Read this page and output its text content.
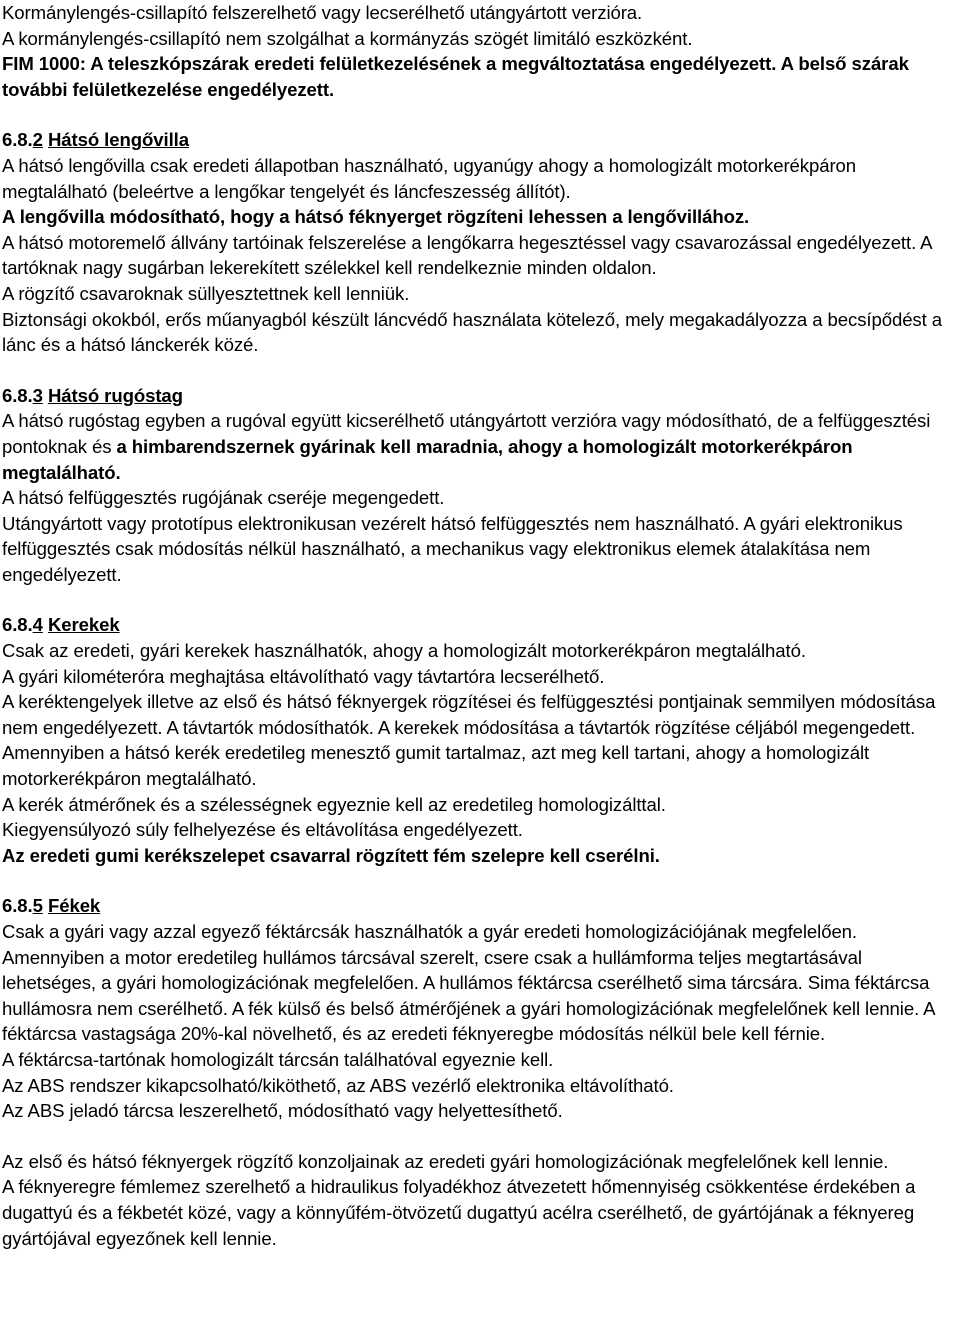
Kormánylengés-csillapító felszerelhető vagy lecserélhető utángyártott verzióra.

A kormánylengés-csillapító nem szolgálhat a kormányzás szögét limitáló eszközként.

FIM 1000: A teleszkópszárak eredeti felületkezelésének a megváltoztatása engedélyezett. A belső szárak további felületkezelése engedélyezett.

6.8.2 Hátsó lengővilla

A hátsó lengővilla csak eredeti állapotban használható, ugyanúgy ahogy a homologizált motorkerékpáron megtalálható (beleértve a lengőkar tengelyét és láncfeszesség állítót).

A lengővilla módosítható, hogy a hátsó féknyerget rögzíteni lehessen a lengővillához.

A hátsó motoremelő állvány tartóinak felszerelése a lengőkarra hegesztéssel vagy csavarozással engedélyezett. A tartóknak nagy sugárban lekerekített szélekkel kell rendelkeznie minden oldalon.

A rögzítő csavaroknak süllyesztettnek kell lenniük.

Biztonsági okokból, erős műanyagból készült láncvédő használata kötelező, mely megakadályozza a becsípődést a lánc és a hátsó lánckerék közé.

6.8.3 Hátsó rugóstag

A hátsó rugóstag egyben a rugóval együtt kicserélhető utángyártott verzióra vagy módosítható, de a felfüggesztési pontoknak és a himbarendszernek gyárinak kell maradnia, ahogy a homologizált motorkerékpáron megtalálható.

A hátsó felfüggesztés rugójának cseréje megengedett.

Utángyártott vagy prototípus elektronikusan vezérelt hátsó felfüggesztés nem használható. A gyári elektronikus felfüggesztés csak módosítás nélkül használható, a mechanikus vagy elektronikus elemek átalakítása nem engedélyezett.

6.8.4 Kerekek

Csak az eredeti, gyári kerekek használhatók, ahogy a homologizált motorkerékpáron megtalálható.

A gyári kilométeróra meghajtása eltávolítható vagy távtartóra lecserélhető.

A keréktengelyek illetve az első és hátsó féknyergek rögzítései és felfüggesztési pontjainak semmilyen módosítása nem engedélyezett. A távtartók módosíthatók. A kerekek módosítása a távtartók rögzítése céljából megengedett.

Amennyiben a hátsó kerék eredetileg menesztő gumit tartalmaz, azt meg kell tartani, ahogy a homologizált motorkerékpáron megtalálható.

A kerék átmérőnek és a szélességnek egyeznie kell az eredetileg homologizálttal.

Kiegyensúlyozó súly felhelyezése és eltávolítása engedélyezett.

Az eredeti gumi kerékszelepet csavarral rögzített fém szelepre kell cserélni.

6.8.5 Fékek

Csak a gyári vagy azzal egyező féktárcsák használhatók a gyár eredeti homologizációjának megfelelően. Amennyiben a motor eredetileg hullámos tárcsával szerelt, csere csak a hullámforma teljes megtartásával lehetséges, a gyári homologizációnak megfelelően. A hullámos féktárcsa cserélhető sima tárcsára. Sima féktárcsa hullámosra nem cserélhető. A fék külső és belső átmérőjének a gyári homologizációnak megfelelőnek kell lennie. A féktárcsa vastagsága 20%-kal növelhető, és az eredeti féknyeregbe módosítás nélkül bele kell férnie.

A féktárcsa-tartónak homologizált tárcsán találhatóval egyeznie kell.

Az ABS rendszer kikapcsolható/kiköthető, az ABS vezérlő elektronika eltávolítható.

Az ABS jeladó tárcsa leszerelhető, módosítható vagy helyettesíthető.

Az első és hátsó féknyergek rögzítő konzoljainak az eredeti gyári homologizációnak megfelelőnek kell lennie.

A féknyeregre fémlemez szerelhető a hidraulikus folyadékhoz átvezetett hőmennyiség csökkentése érdekében a dugattyú és a fékbetét közé, vagy a könnyűfém-ötvözetű dugattyú acélra cserélhető, de gyártójának a féknyereg gyártójával egyezőnek kell lennie.
